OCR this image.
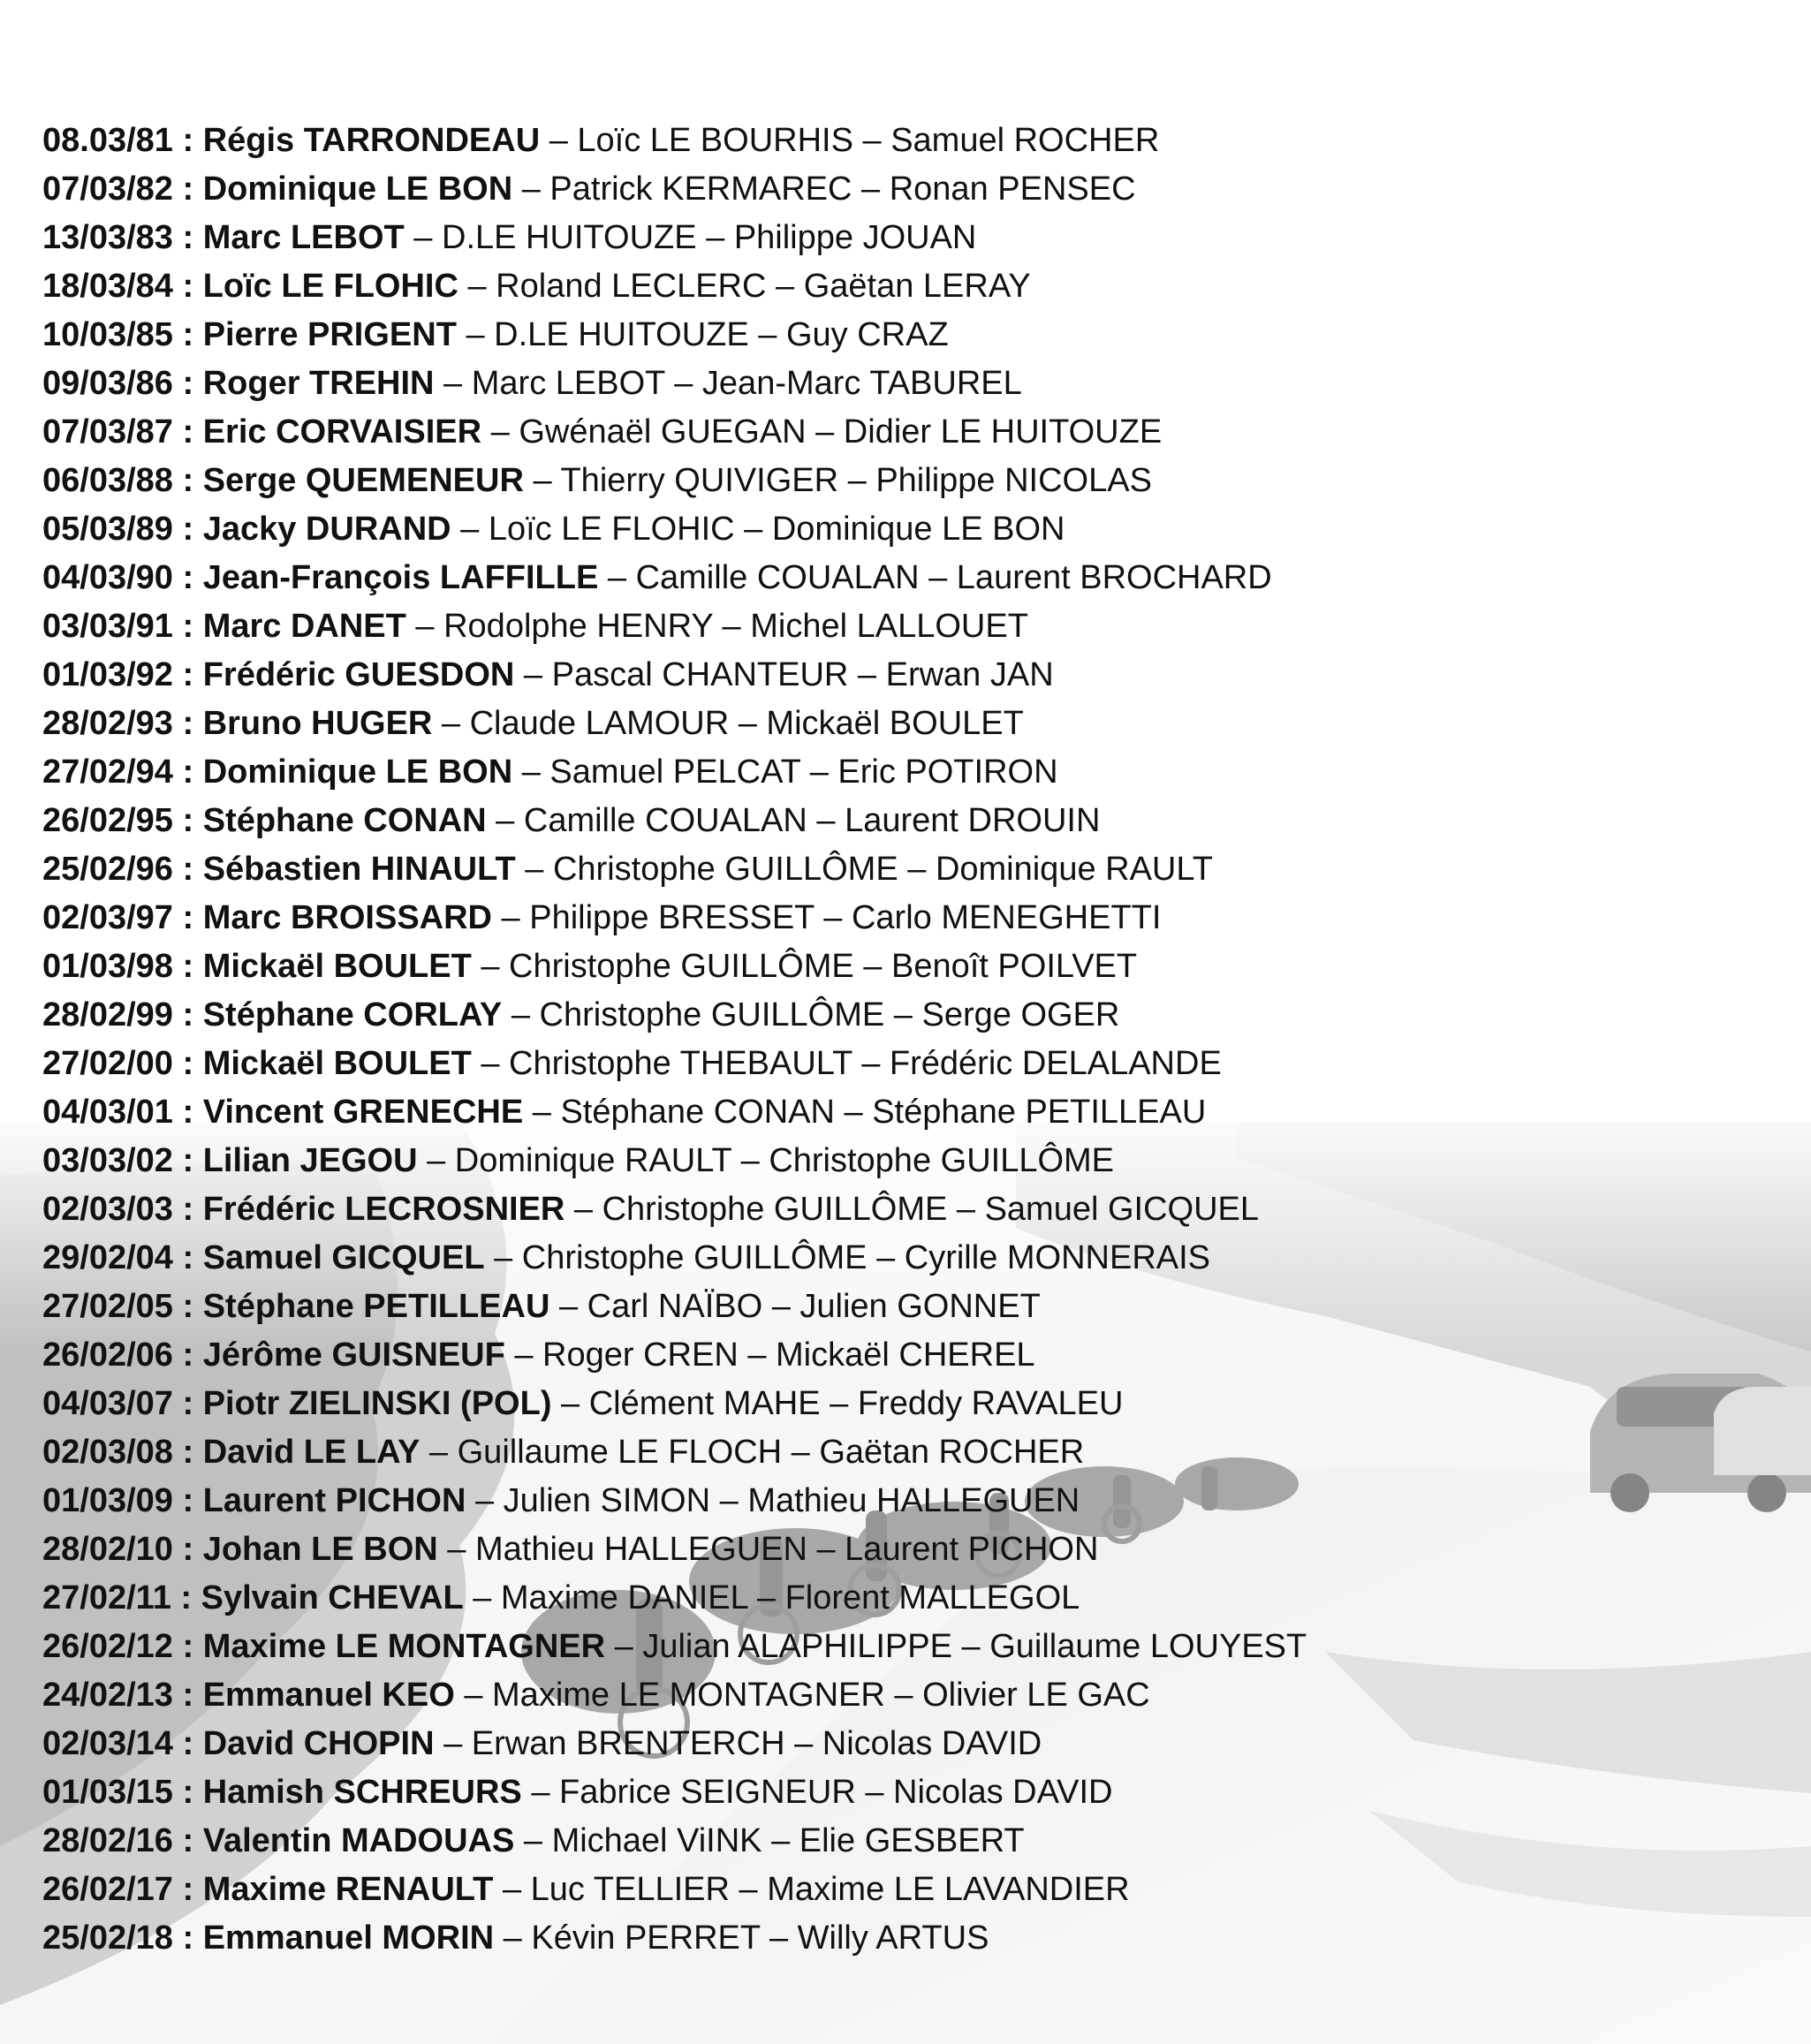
08.03/81 : Régis TARRONDEAU – Loïc LE BOURHIS – Samuel ROCHER
07/03/82 : Dominique LE BON – Patrick KERMAREC – Ronan PENSEC
13/03/83 : Marc LEBOT – D.LE HUITOUZE – Philippe JOUAN
18/03/84 : Loïc LE FLOHIC – Roland LECLERC – Gaëtan LERAY
10/03/85 : Pierre PRIGENT – D.LE HUITOUZE – Guy CRAZ
09/03/86 : Roger TREHIN – Marc LEBOT – Jean-Marc TABUREL
07/03/87 : Eric CORVAISIER – Gwénaël GUEGAN – Didier LE HUITOUZE
06/03/88 : Serge QUEMENEUR – Thierry QUIVIGER – Philippe NICOLAS
05/03/89 : Jacky DURAND – Loïc LE FLOHIC – Dominique LE BON
04/03/90 : Jean-François LAFFILLE – Camille COUALAN – Laurent BROCHARD
03/03/91 : Marc DANET – Rodolphe HENRY – Michel LALLOUET
01/03/92 : Frédéric GUESDON – Pascal CHANTEUR – Erwan JAN
28/02/93 : Bruno HUGER – Claude LAMOUR – Mickaël BOULET
27/02/94 : Dominique LE BON – Samuel PELCAT – Eric POTIRON
26/02/95 : Stéphane CONAN – Camille COUALAN – Laurent DROUIN
25/02/96 : Sébastien HINAULT – Christophe GUILLÔME – Dominique RAULT
02/03/97 : Marc BROISSARD – Philippe BRESSET – Carlo MENEGHETTI
01/03/98 : Mickaël BOULET – Christophe GUILLÔME – Benoît POILVET
28/02/99 : Stéphane CORLAY – Christophe GUILLÔME – Serge OGER
27/02/00 : Mickaël BOULET – Christophe THEBAULT – Frédéric DELALANDE
04/03/01 : Vincent GRENECHE – Stéphane CONAN – Stéphane PETILLEAU
03/03/02 : Lilian JEGOU – Dominique RAULT – Christophe GUILLÔME
02/03/03 : Frédéric LECROSNIER – Christophe GUILLÔME – Samuel GICQUEL
29/02/04 : Samuel GICQUEL – Christophe GUILLÔME – Cyrille MONNERAIS
27/02/05 : Stéphane PETILLEAU – Carl NAÏBO – Julien GONNET
26/02/06 : Jérôme GUISNEUF – Roger CREN – Mickaël CHEREL
04/03/07 : Piotr ZIELINSKI (POL) – Clément MAHE – Freddy RAVALEU
02/03/08 : David LE LAY – Guillaume LE FLOCH – Gaëtan ROCHER
01/03/09 : Laurent PICHON – Julien SIMON – Mathieu HALLEGUEN
28/02/10 : Johan LE BON – Mathieu HALLEGUEN – Laurent PICHON
27/02/11 : Sylvain CHEVAL – Maxime DANIEL – Florent MALLEGOL
26/02/12 : Maxime LE MONTAGNER – Julian ALAPHILIPPE – Guillaume LOUYEST
24/02/13 : Emmanuel KEO – Maxime LE MONTAGNER – Olivier LE GAC
02/03/14 : David CHOPIN – Erwan BRENTERCH – Nicolas DAVID
01/03/15 : Hamish SCHREURS – Fabrice SEIGNEUR – Nicolas DAVID
28/02/16 : Valentin MADOUAS – Michael ViINK – Elie GESBERT
26/02/17 : Maxime RENAULT – Luc TELLIER – Maxime LE LAVANDIER
25/02/18 : Emmanuel MORIN – Kévin PERRET – Willy ARTUS
